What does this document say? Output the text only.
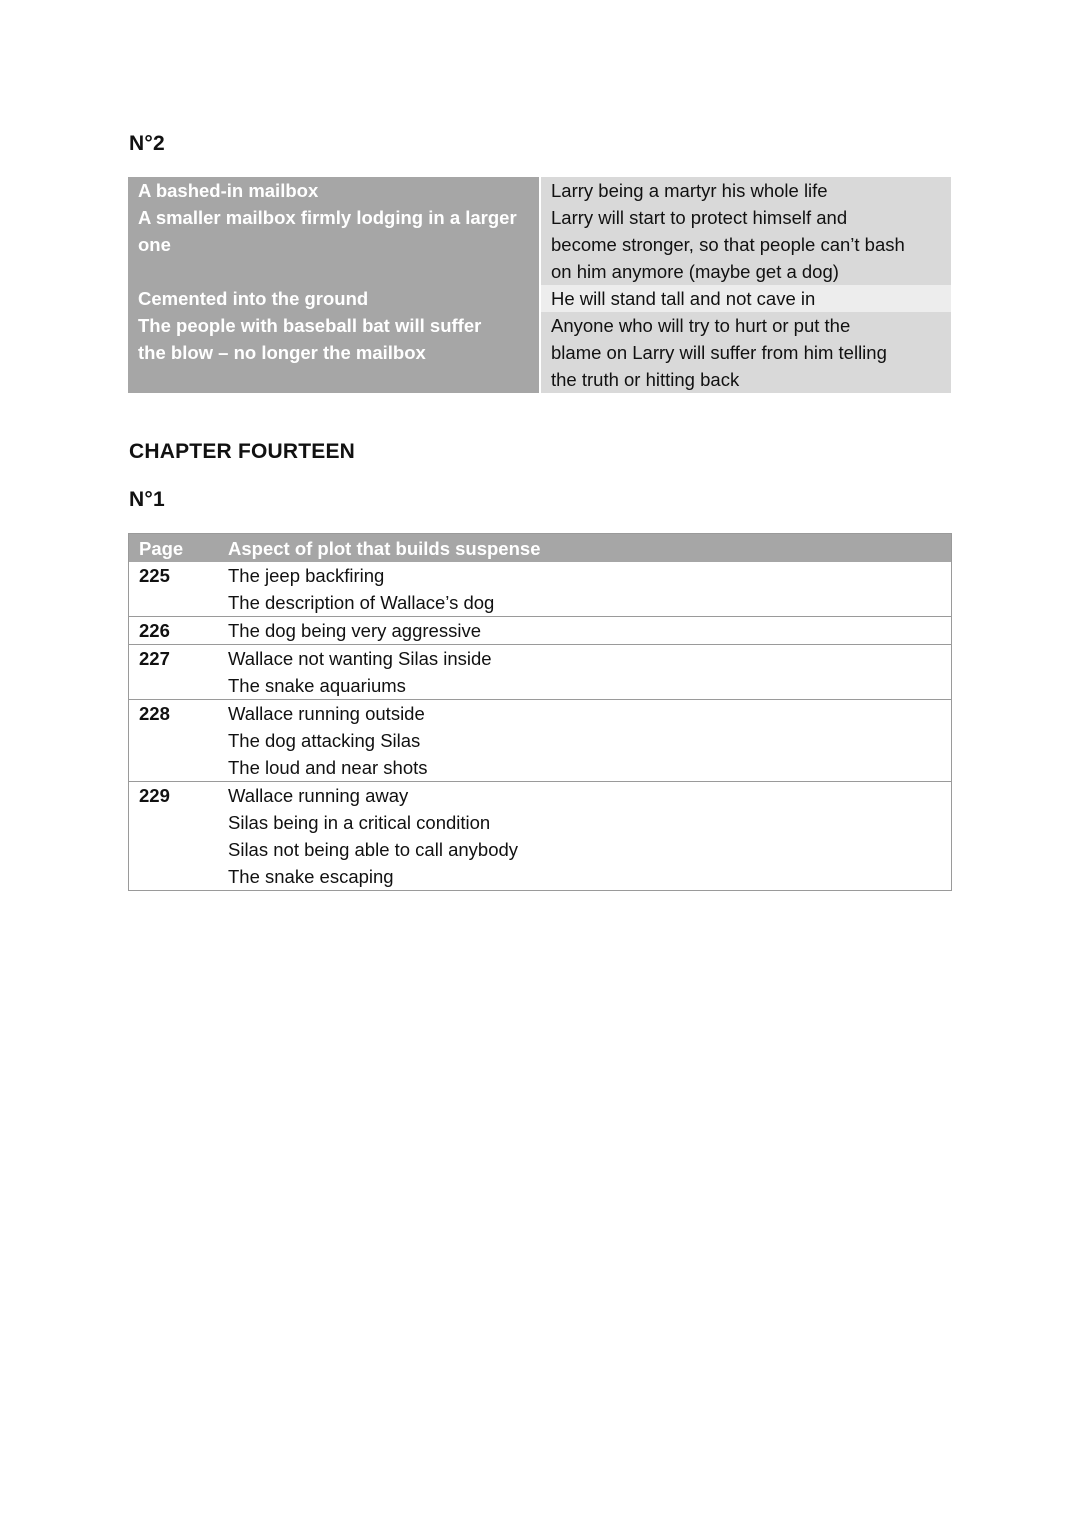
N°2
A bashed-in mailbox	Larry being a martyr his whole life

A smaller mailbox firmly lodging in a larger
one	Larry will start to protect himself and
become stronger, so that people can’t bash
on him anymore (maybe get a dog)

Cemented into the ground	He will stand tall and not cave in

The people with baseball bat will suffer
the blow – no longer the mailbox	Anyone who will try to hurt or put the
blame on Larry will suffer from him telling
the truth or hitting back
CHAPTER FOURTEEN
N°1
Page	Aspect of plot that builds suspense
225	The jeep backfiring
The description of Wallace’s dog

226	The dog being very aggressive

227	Wallace not wanting Silas inside
The snake aquariums

228	Wallace running outside
The dog attacking Silas
The loud and near shots

229	Wallace running away
Silas being in a critical condition
Silas not being able to call anybody
The snake escaping
